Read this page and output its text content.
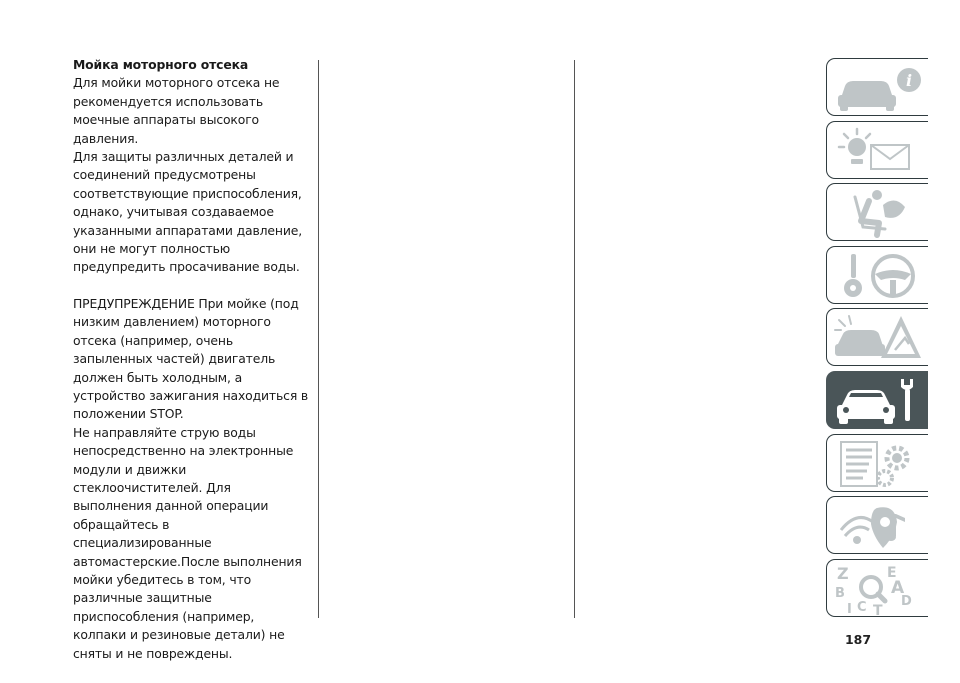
Мойка моторного отсека
Для мойки моторного отсека не рекомендуется использовать моечные аппараты высокого давления.
Для защиты различных деталей и соединений предусмотрены соответствующие приспособления, однако, учитывая создаваемое указанными аппаратами давление, они не могут полностью предупредить просачивание воды.
ПРЕДУПРЕЖДЕНИЕ При мойке (под низким давлением) моторного отсека (например, очень запыленных частей) двигатель должен быть холодным, а устройство зажигания находиться в положении STOP.
Не направляйте струю воды непосредственно на электронные модули и движки стеклоочистителей. Для выполнения данной операции обращайтесь в специализированные автомастерские.После выполнения мойки убедитесь в том, что различные защитные приспособления (например, колпаки и резиновые детали) не сняты и не повреждены.
i
Z	E
A
B
D
I C T
187
